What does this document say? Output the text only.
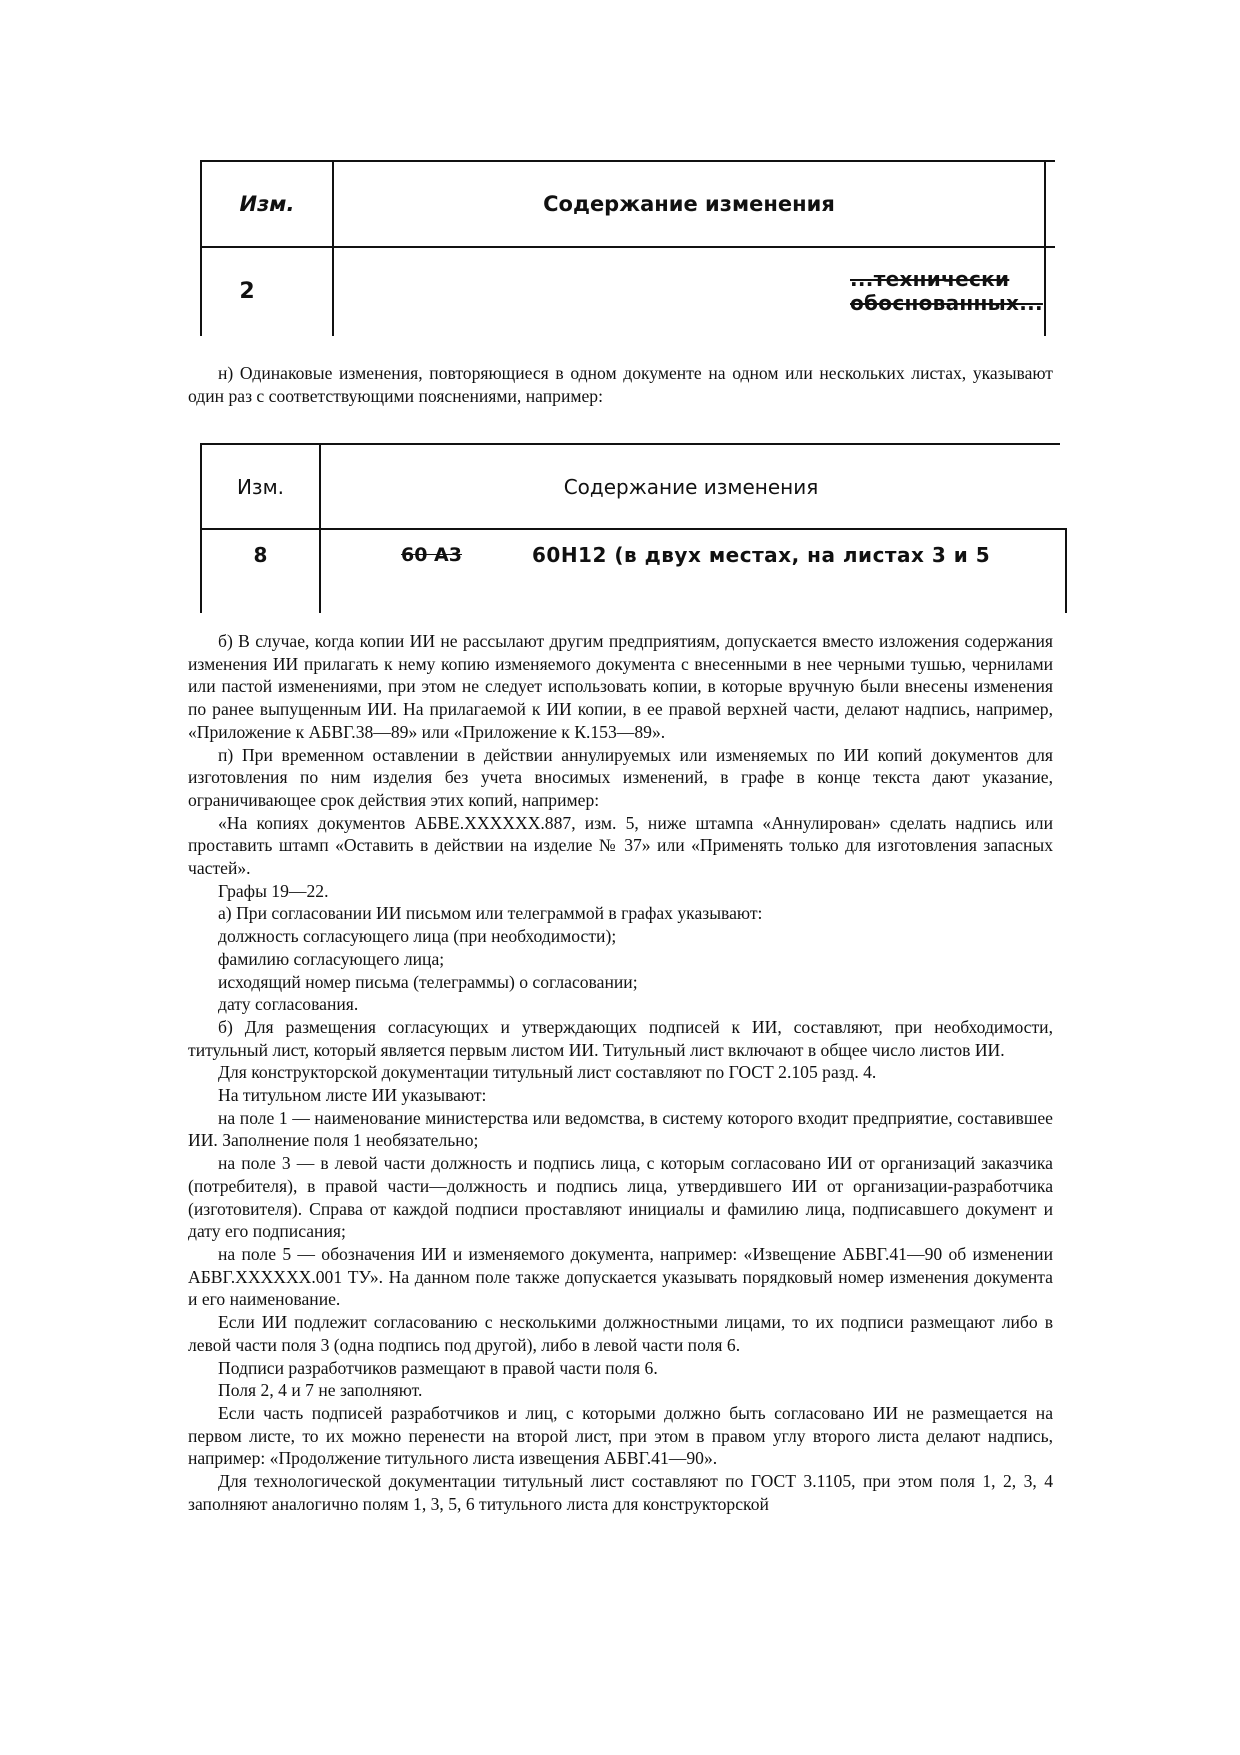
Изм.	Содержание изменения
2	...технически обоснованных...

н) Одинаковые изменения, повторяющиеся в одном документе на одном или нескольких листах, указывают один раз с соответствующими пояснениями, например:

Изм.	Содержание изменения
8	60 A3	60H12 (в двух местах, на листах 3 и 5

б) В случае, когда копии ИИ не рассылают другим предприятиям, допускается вместо изложения содержания изменения ИИ прилагать к нему копию изменяемого документа с внесенными в нее черными тушью, чернилами или пастой изменениями, при этом не следует использовать копии, в которые вручную были внесены изменения по ранее выпущенным ИИ. На прилагаемой к ИИ копии, в ее правой верхней части, делают надпись, например, «Приложение к АБВГ.38—89» или «Приложение к К.153—89».

п) При временном оставлении в действии аннулируемых или изменяемых по ИИ копий документов для изготовления по ним изделия без учета вносимых изменений, в графе в конце текста дают указание, ограничивающее срок действия этих копий, например:

«На копиях документов АБВЕ.XXXXXX.887, изм. 5, ниже штампа «Аннулирован» сделать надпись или проставить штамп «Оставить в действии на изделие № 37» или «Применять только для изготовления запасных частей».

Графы 19—22.

а) При согласовании ИИ письмом или телеграммой в графах указывают:

должность согласующего лица (при необходимости);

фамилию согласующего лица;

исходящий номер письма (телеграммы) о согласовании;

дату согласования.

б) Для размещения согласующих и утверждающих подписей к ИИ, составляют, при необходимости, титульный лист, который является первым листом ИИ. Титульный лист включают в общее число листов ИИ.

Для конструкторской документации титульный лист составляют по ГОСТ 2.105 разд. 4.

На титульном листе ИИ указывают:

на поле 1 — наименование министерства или ведомства, в систему которого входит предприятие, составившее ИИ. Заполнение поля 1 необязательно;

на поле 3 — в левой части должность и подпись лица, с которым согласовано ИИ от организаций заказчика (потребителя), в правой части—должность и подпись лица, утвердившего ИИ от организации-разработчика (изготовителя). Справа от каждой подписи проставляют инициалы и фамилию лица, подписавшего документ и дату его подписания;

на поле 5 — обозначения ИИ и изменяемого документа, например: «Извещение АБВГ.41—90 об изменении АБВГ.XXXXXX.001 ТУ». На данном поле также допускается указывать порядковый номер изменения документа и его наименование.

Если ИИ подлежит согласованию с несколькими должностными лицами, то их подписи размещают либо в левой части поля 3 (одна подпись под другой), либо в левой части поля 6.

Подписи разработчиков размещают в правой части поля 6.

Поля 2, 4 и 7 не заполняют.

Если часть подписей разработчиков и лиц, с которыми должно быть согласовано ИИ не размещается на первом листе, то их можно перенести на второй лист, при этом в правом углу второго листа делают надпись, например: «Продолжение титульного листа извещения АБВГ.41—90».

Для технологической документации титульный лист составляют по ГОСТ 3.1105, при этом поля 1, 2, 3, 4 заполняют аналогично полям 1, 3, 5, 6 титульного листа для конструкторской
